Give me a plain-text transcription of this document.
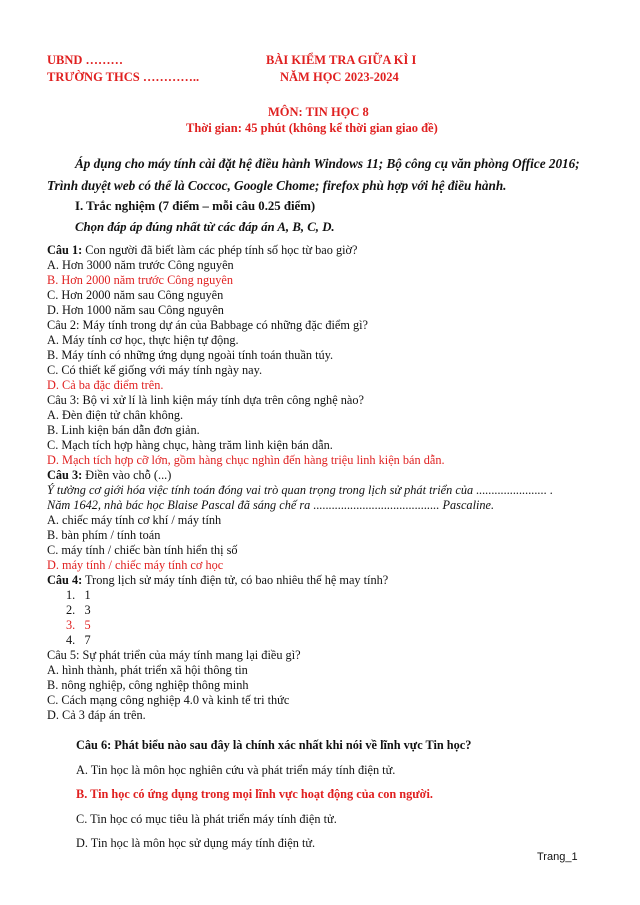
UBND ………
TRƯỜNG THCS …………..
BÀI KIỂM TRA GIỮA KÌ I
NĂM HỌC 2023-2024
MÔN: TIN HỌC 8
Thời gian: 45 phút (không kể thời gian giao đề)
Áp dụng cho máy tính cài đặt hệ điều hành Windows 11; Bộ công cụ văn phòng Office 2016;
Trình duyệt web có thể là Coccoc, Google Chome; firefox phù hợp với hệ điều hành.
I. Trắc nghiệm (7 điểm – mỗi câu 0.25 điểm)
Chọn đáp áp đúng nhất từ các đáp án A, B, C, D.
Câu 1: Con người đã biết làm các phép tính số học từ bao giờ?
A. Hơn 3000 năm trước Công nguyên
B. Hơn 2000 năm trước Công nguyên
C. Hơn 2000 năm sau Công nguyên
D. Hơn 1000 năm sau Công nguyên
Câu 2: Máy tính trong dự án của Babbage có những đặc điểm gì?
A. Máy tính cơ học, thực hiện tự động.
B. Máy tính có những ứng dụng ngoài tính toán thuần túy.
C. Có thiết kế giống với máy tính ngày nay.
D. Cả ba đặc điểm trên.
Câu 3: Bộ vi xử lí là linh kiện máy tính dựa trên công nghệ nào?
A. Đèn điện tử chân không.
B. Linh kiện bán dẫn đơn giản.
C. Mạch tích hợp hàng chục, hàng trăm linh kiện bán dẫn.
D. Mạch tích hợp cỡ lớn, gồm hàng chục nghìn đến hàng triệu linh kiện bán dẫn.
Câu 3: Điền vào chỗ (...)
Ý tưởng cơ giới hóa việc tính toán đóng vai trò quan trọng trong lịch sử phát triển của ....................... .
Năm 1642, nhà bác học Blaise Pascal đã sáng chế ra ......................................... Pascaline.
A. chiếc máy tính cơ khí / máy tính
B. bàn phím / tính toán
C. máy tính / chiếc bàn tính hiển thị số
D. máy tính / chiếc máy tính cơ học
Câu 4: Trong lịch sử máy tính điện tử, có bao nhiêu thế hệ may tính?
1. 1
2. 3
3. 5
4. 7
Câu 5: Sự phát triển của máy tính mang lại điều gì?
A. hình thành, phát triển xã hội thông tin
B. nông nghiệp, công nghiệp thông minh
C. Cách mạng công nghiệp 4.0 và kinh tế tri thức
D. Cả 3 đáp án trên.
Câu 6: Phát biểu nào sau đây là chính xác nhất khi nói về lĩnh vực Tin học?
A. Tin học là môn học nghiên cứu và phát triển máy tính điện tử.
B. Tin học có ứng dụng trong mọi lĩnh vực hoạt động của con người.
C. Tin học có mục tiêu là phát triển máy tính điện tử.
D. Tin học là môn học sử dụng máy tính điện tử.
Trang_1
